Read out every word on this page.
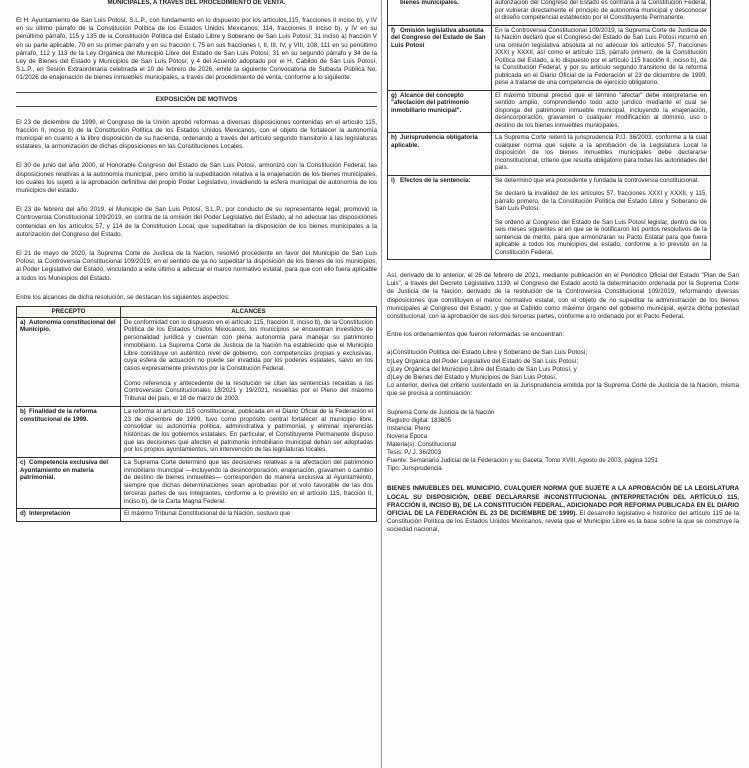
MUNICIPALES, A TRAVÉS DEL PROCEDIMIENTO DE VENTA.

El H. Ayuntamiento de San Luis Potosí, S.L.P., con fundamento en lo dispuesto por los artículos,115, fracciones II inciso b), y IV en su último párrafo de la Constitución Política de los Estados Unidos Mexicanos; 114, fracciones II inciso b), y IV en su penúltimo párrafo, 115 y 135 de la Constitución Política del Estado Libre y Soberano de San Luis Potosí; 31 inciso a) fracción V en su parte aplicable, 70 en su primer párrafo y en su fracción I, 75 en sus fracciones I, II, III, IV, y VIII, 108, 111 en su penúltimo párrafo, 112 y 113 de la Ley Orgánica del Municipio Libre del Estado de San Luis Potosí; 31 en su segundo párrafo y 34 de la Ley de Bienes del Estado y Municipios de San Luis Potosí; y 4 del Acuerdo adoptado por el H. Cabildo de San Luis Potosí, S.L.P., en Sesión Extraordinaria celebrada el 10 de febrero de 2026, emite la siguiente Convocatoria de Subasta Pública No. 01/2026 de enajenación de bienes inmuebles municipales, a través del procedimiento de venta, conforme a lo siguiente:

EXPOSICIÓN DE MOTIVOS

El 23 de diciembre de 1999, el Congreso de la Unión aprobó reformas a diversas disposiciones contenidas en el artículo 115, fracción II, inciso b) de la Constitución Política de los Estados Unidos Mexicanos, con el objeto de fortalecer la autonomía municipal en cuanto a la libre disposición de su hacienda, ordenando a través del artículo segundo transitorio a las legislaturas estatales, la armonización de dichas disposiciones en las Constituciones Locales.

El 30 de junio del año 2000, el Honorable Congreso del Estado de San Luis Potosí, armonizó con la Constitución Federal, las disposiciones relativas a la autonomía municipal, pero omitió la supeditación relativa a la enajenación de los bienes municipales, los cuales los sujetó a la aprobación definitiva del propio Poder Legislativo, invadiendo la esfera municipal de autonomía de los municipios del estado.

El 23 de febrero del año 2019, el Municipio de San Luis Potosí, S.L.P., por conducto de su representante legal, promovió la Controversia Constitucional 109/2019, en contra de la omisión del Poder Legislativo del Estado, al no adecuar las disposiciones contenidas en los artículos 57, y 114 de la Constitución Local, que supeditaban la disposición de los bienes municipales a la autorización del Congreso del Estado.

El 21 de mayo de 2020, la Suprema Corte de Justicia de la Nación, resolvió procedente en favor del Municipio de San Luis Potosí, la Controversia Constitucional 109/2019, en el sentido de ya no supeditar la disposición de los bienes de los municipios, al Poder Legislativo del Estado, vinculando a este último a adecuar el marco normativo estatal, para que con ello fuera aplicable a todos los Municipios del Estado.

Entre los alcances de dicha resolución, se destacan los siguientes aspectos:

PRECEPTO	ALCANCES
a) Autonomía constitucional del Municipio.	De conformidad con lo dispuesto en el artículo 115, fracción II, inciso b), de la Constitución Política de los Estados Unidos Mexicanos, los municipios se encuentran investidos de personalidad jurídica y cuentan con plena autonomía para manejar su patrimonio inmobiliario. La Suprema Corte de Justicia de la Nación ha establecido que el Municipio Libre constituye un auténtico nivel de gobierno, con competencias propias y exclusivas, cuya esfera de actuación no puede ser invadida por los poderes estatales, salvo en los casos expresamente previstos por la Constitución Federal.
Como referencia y antecedente de la resolución se citan las sentencias recaídas a las Controversias Constitucionales 18/2021 y 19/2021, resueltas por el Pleno del máximo Tribunal del país, el 18 de marzo de 2003.

b) Finalidad de la reforma constitucional de 1999.	La reforma al artículo 115 constitucional, publicada en el Diario Oficial de la Federación el 23 de diciembre de 1999, tuvo como propósito central fortalecer al municipio libre, consolidar su autonomía política, administrativa y patrimonial, y eliminar injerencias históricas de los gobiernos estatales. En particular, el Constituyente Permanente dispuso que las decisiones que afecten el patrimonio inmobiliario municipal deban ser adoptadas por los propios ayuntamientos, sin intervención de las legislaturas locales.

c) Competencia exclusiva del Ayuntamiento en materia patrimonial.	La Suprema Corte determinó que las decisiones relativas a la afectación del patrimonio inmobiliario municipal —incluyendo la desincorporación, enajenación, gravamen o cambio de destino de bienes inmuebles— corresponden de manera exclusiva al Ayuntamiento, siempre que dichas determinaciones sean aprobadas por el voto favorable de las dos terceras partes de sus integrantes, conforme a lo previsto en el artículo 115, fracción II, inciso b), de la Carta Magna Federal.

d) Interpretación	El máximo Tribunal Constitucional de la Nación, sostuvo que
bienes municipales.	autorización del Congreso del Estado es contraria a la Constitución Federal, por vulnerar directamente el principio de autonomía municipal y desconocer el diseño competencial establecido por el Constituyente Permanente.

f) Omisión legislativa absoluta del Congreso del Estado de San Luis Potosí	En la Controversia Constitucional 109/2019, la Suprema Corte de Justicia de la Nación declaró que el Congreso del Estado de San Luis Potosí incurrió en una omisión legislativa absoluta al no adecuar los artículos 57, fracciones XXXI y XXXII, así como el artículo 115, párrafo primero, de la Constitución Política del Estado, a lo dispuesto por el artículo 115 fracción II, inciso b), de la Constitución Federal, y por su artículo segundo transitorio de la reforma publicada en el Diario Oficial de la Federación el 23 de diciembre de 1999, pese a tratarse de una competencia de ejercicio obligatorio.

g) Alcance del concepto "afectación del patrimonio inmobiliario municipal".	El máximo tribunal precisó que el término "afectar" debe interpretarse en sentido amplio, comprendiendo todo acto jurídico mediante el cual se disponga del patrimonio inmueble municipal, incluyendo la enajenación, desincorporación, gravamen o cualquier modificación al dominio, uso o destino de los bienes inmuebles municipales.

h) Jurisprudencia obligatoria aplicable.	La Suprema Corte reiteró la jurisprudencia P./J. 36/2003, conforme a la cual cualquier norma que sujete a la aprobación de la Legislatura Local la disposición de los bienes inmuebles municipales debe declararse inconstitucional, criterio que resulta obligatorio para todas las autoridades del país.

i) Efectos de la sentencia:	Se determinó que era procedente y fundada la controversia constitucional.

Se declaró la invalidez de los artículos 57, fracciones XXXI y XXXII, y 115, párrafo primero, de la Constitución Política del Estado Libre y Soberano de San Luis Potosí.

Se ordenó al Congreso del Estado de San Luis Potosí legislar, dentro de los seis meses siguientes al en que se le notificaron los puntos resolutivos de la sentencia de mérito, para que armonizaran su Pacto Estatal para que fuera aplicable a todos los municipios del estado, conforme a lo previsto en la Constitución Federal.

Así, derivado de lo anterior, el 26 de febrero de 2021, mediante publicación en el Periódico Oficial del Estado "Plan de San Luis", a través del Decreto Legislativo 1139, el Congreso del Estado acotó la determinación ordenada por la Suprema Corte de Justicia de la Nación, derivado de la resolución de la Controversia Constitucional 109/2019, reformando diversas disposiciones que constituyen el marco normativo estatal, con el objeto de no supeditar la administración de los bienes municipales al Congreso del Estado; y que el Cabildo como máximo órgano del gobierno municipal, ejerza dicha potestad constitucional, con la aprobación de sus dos terceras partes, conforme a lo ordenado por el Pacto Federal.

Entre los ordenamientos que fueron reformadas se encuentran:

a)Constitución Política del Estado Libre y Soberano de San Luis Potosí;
b)Ley Orgánica del Poder Legislativo del Estado de San Luis Potosí;
c)Ley Orgánica del Municipio Libre del Estado de San Luis Potosí, y
d)Ley de Bienes del Estado y Municipios de San Luis Potosí.

Lo anterior, deriva del criterio sustentado en la Jurisprudencia emitida por la Suprema Corte de Justicia de la Nación, misma que se precisa a continuación:

Suprema Corte de Justicia de la Nación
Registro digital: 183605
Instancia: Pleno
Novena Época
Materia(s): Constitucional
Tesis: P./ J. 36/2003
Fuente: Semanario Judicial de la Federación y su Gaceta. Tomo XVIII, Agosto de 2003, página 1251
Tipo: Jurisprudencia

BIENES INMUEBLES DEL MUNICIPIO. CUALQUIER NORMA QUE SUJETE A LA APROBACIÓN DE LA LEGISLATURA LOCAL SU DISPOSICIÓN, DEBE DECLARARSE INCONSTITUCIONAL (INTERPRETACIÓN DEL ARTÍCULO 115, FRACCIÓN II, INCISO B), DE LA CONSTITUCIÓN FEDERAL, ADICIONADO POR REFORMA PUBLICADA EN EL DIARIO OFICIAL DE LA FEDERACIÓN EL 23 DE DICIEMBRE DE 1999). El desarrollo legislativo e histórico del artículo 115 de la Constitución Política de los Estados Unidos Mexicanos, revela que el Municipio Libre es la base sobre la que se construye la sociedad nacional,
